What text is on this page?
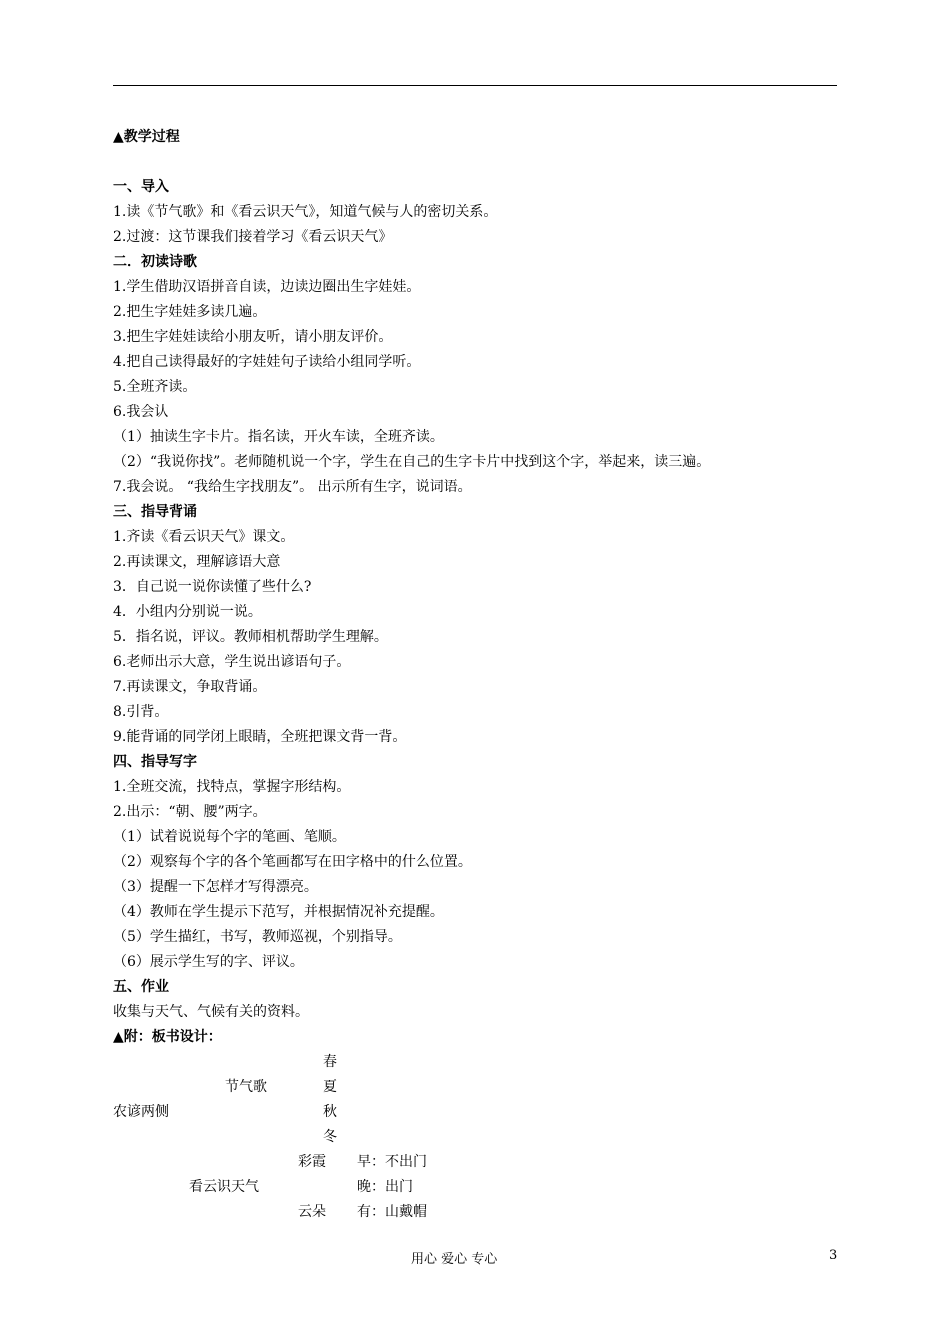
▲教学过程
一、导入
1.读《节气歌》和《看云识天气》，知道气候与人的密切关系。
2.过渡：这节课我们接着学习《看云识天气》
二．初读诗歌
1.学生借助汉语拼音自读，边读边圈出生字娃娃。
2.把生字娃娃多读几遍。
3.把生字娃娃读给小朋友听，请小朋友评价。
4.把自己读得最好的字娃娃句子读给小组同学听。
5.全班齐读。
6.我会认
（1）抽读生字卡片。指名读，开火车读，全班齐读。
（2）“我说你找”。老师随机说一个字，学生在自己的生字卡片中找到这个字，举起来，读三遍。
7.我会说。 “我给生字找朋友”。 出示所有生字，说词语。
三、指导背诵
1.齐读《看云识天气》课文。
2.再读课文，理解谚语大意
3．自己说一说你读懂了些什么?
4．小组内分别说一说。
5．指名说，评议。教师相机帮助学生理解。
6.老师出示大意，学生说出谚语句子。
7.再读课文，争取背诵。
8.引背。
9.能背诵的同学闭上眼睛，全班把课文背一背。
四、指导写字
1.全班交流，找特点，掌握字形结构。
2.出示：“朝、腰”两字。
（1）试着说说每个字的笔画、笔顺。
（2）观察每个字的各个笔画都写在田字格中的什么位置。
（3）提醒一下怎样才写得漂亮。
（4）教师在学生提示下范写，并根据情况补充提醒。
（5）学生描红，书写，教师巡视，个别指导。
（6）展示学生写的字、评议。
五、作业
收集与天气、气候有关的资料。
▲附：板书设计：
春
节气歌	夏
农谚两侧	秋
冬
彩霞 早：不出门
看云识天气	晚：出门
云朵 有：山戴帽
用心 爱心 专心	3
